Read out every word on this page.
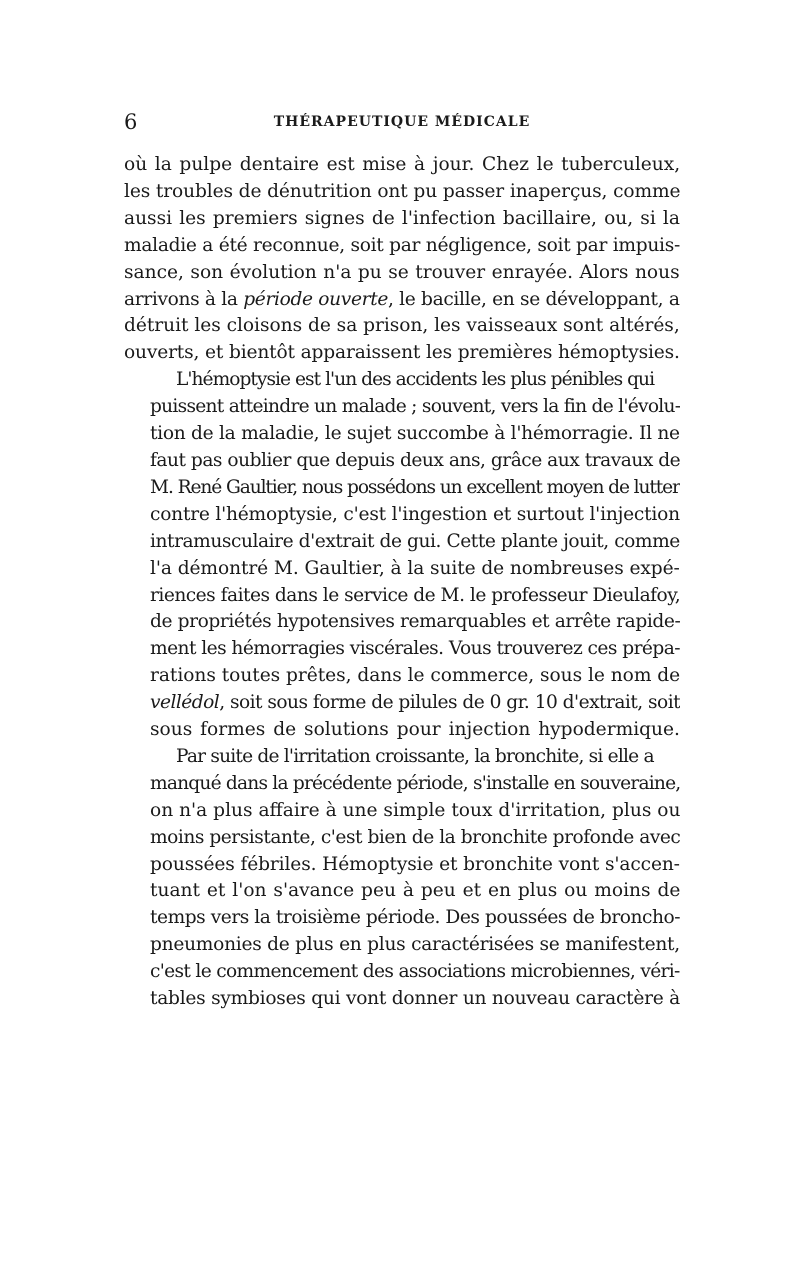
6	THÉRAPEUTIQUE MÉDICALE

où la pulpe dentaire est mise à jour. Chez le tuberculeux,
les troubles de dénutrition ont pu passer inaperçus, comme
aussi les premiers signes de l'infection bacillaire, ou, si la
maladie a été reconnue, soit par négligence, soit par impuis-
sance, son évolution n'a pu se trouver enrayée. Alors nous
arrivons à la période ouverte, le bacille, en se développant, a
détruit les cloisons de sa prison, les vaisseaux sont altérés,
ouverts, et bientôt apparaissent les premières hémoptysies.

L'hémoptysie est l'un des accidents les plus pénibles qui
puissent atteindre un malade ; souvent, vers la fin de l'évolu-
tion de la maladie, le sujet succombe à l'hémorragie. Il ne
faut pas oublier que depuis deux ans, grâce aux travaux de
M. René Gaultier, nous possédons un excellent moyen de lutter
contre l'hémoptysie, c'est l'ingestion et surtout l'injection
intramusculaire d'extrait de gui. Cette plante jouit, comme
l'a démontré M. Gaultier, à la suite de nombreuses expé-
riences faites dans le service de M. le professeur Dieulafoy,
de propriétés hypotensives remarquables et arrête rapide-
ment les hémorragies viscérales. Vous trouverez ces prépa-
rations toutes prêtes, dans le commerce, sous le nom de
vellédol, soit sous forme de pilules de 0 gr. 10 d'extrait, soit
sous formes de solutions pour injection hypodermique.

Par suite de l'irritation croissante, la bronchite, si elle a
manqué dans la précédente période, s'installe en souveraine,
on n'a plus affaire à une simple toux d'irritation, plus ou
moins persistante, c'est bien de la bronchite profonde avec
poussées fébriles. Hémoptysie et bronchite vont s'accen-
tuant et l'on s'avance peu à peu et en plus ou moins de
temps vers la troisième période. Des poussées de broncho-
pneumonies de plus en plus caractérisées se manifestent,
c'est le commencement des associations microbiennes, véri-
tables symbioses qui vont donner un nouveau caractère à
